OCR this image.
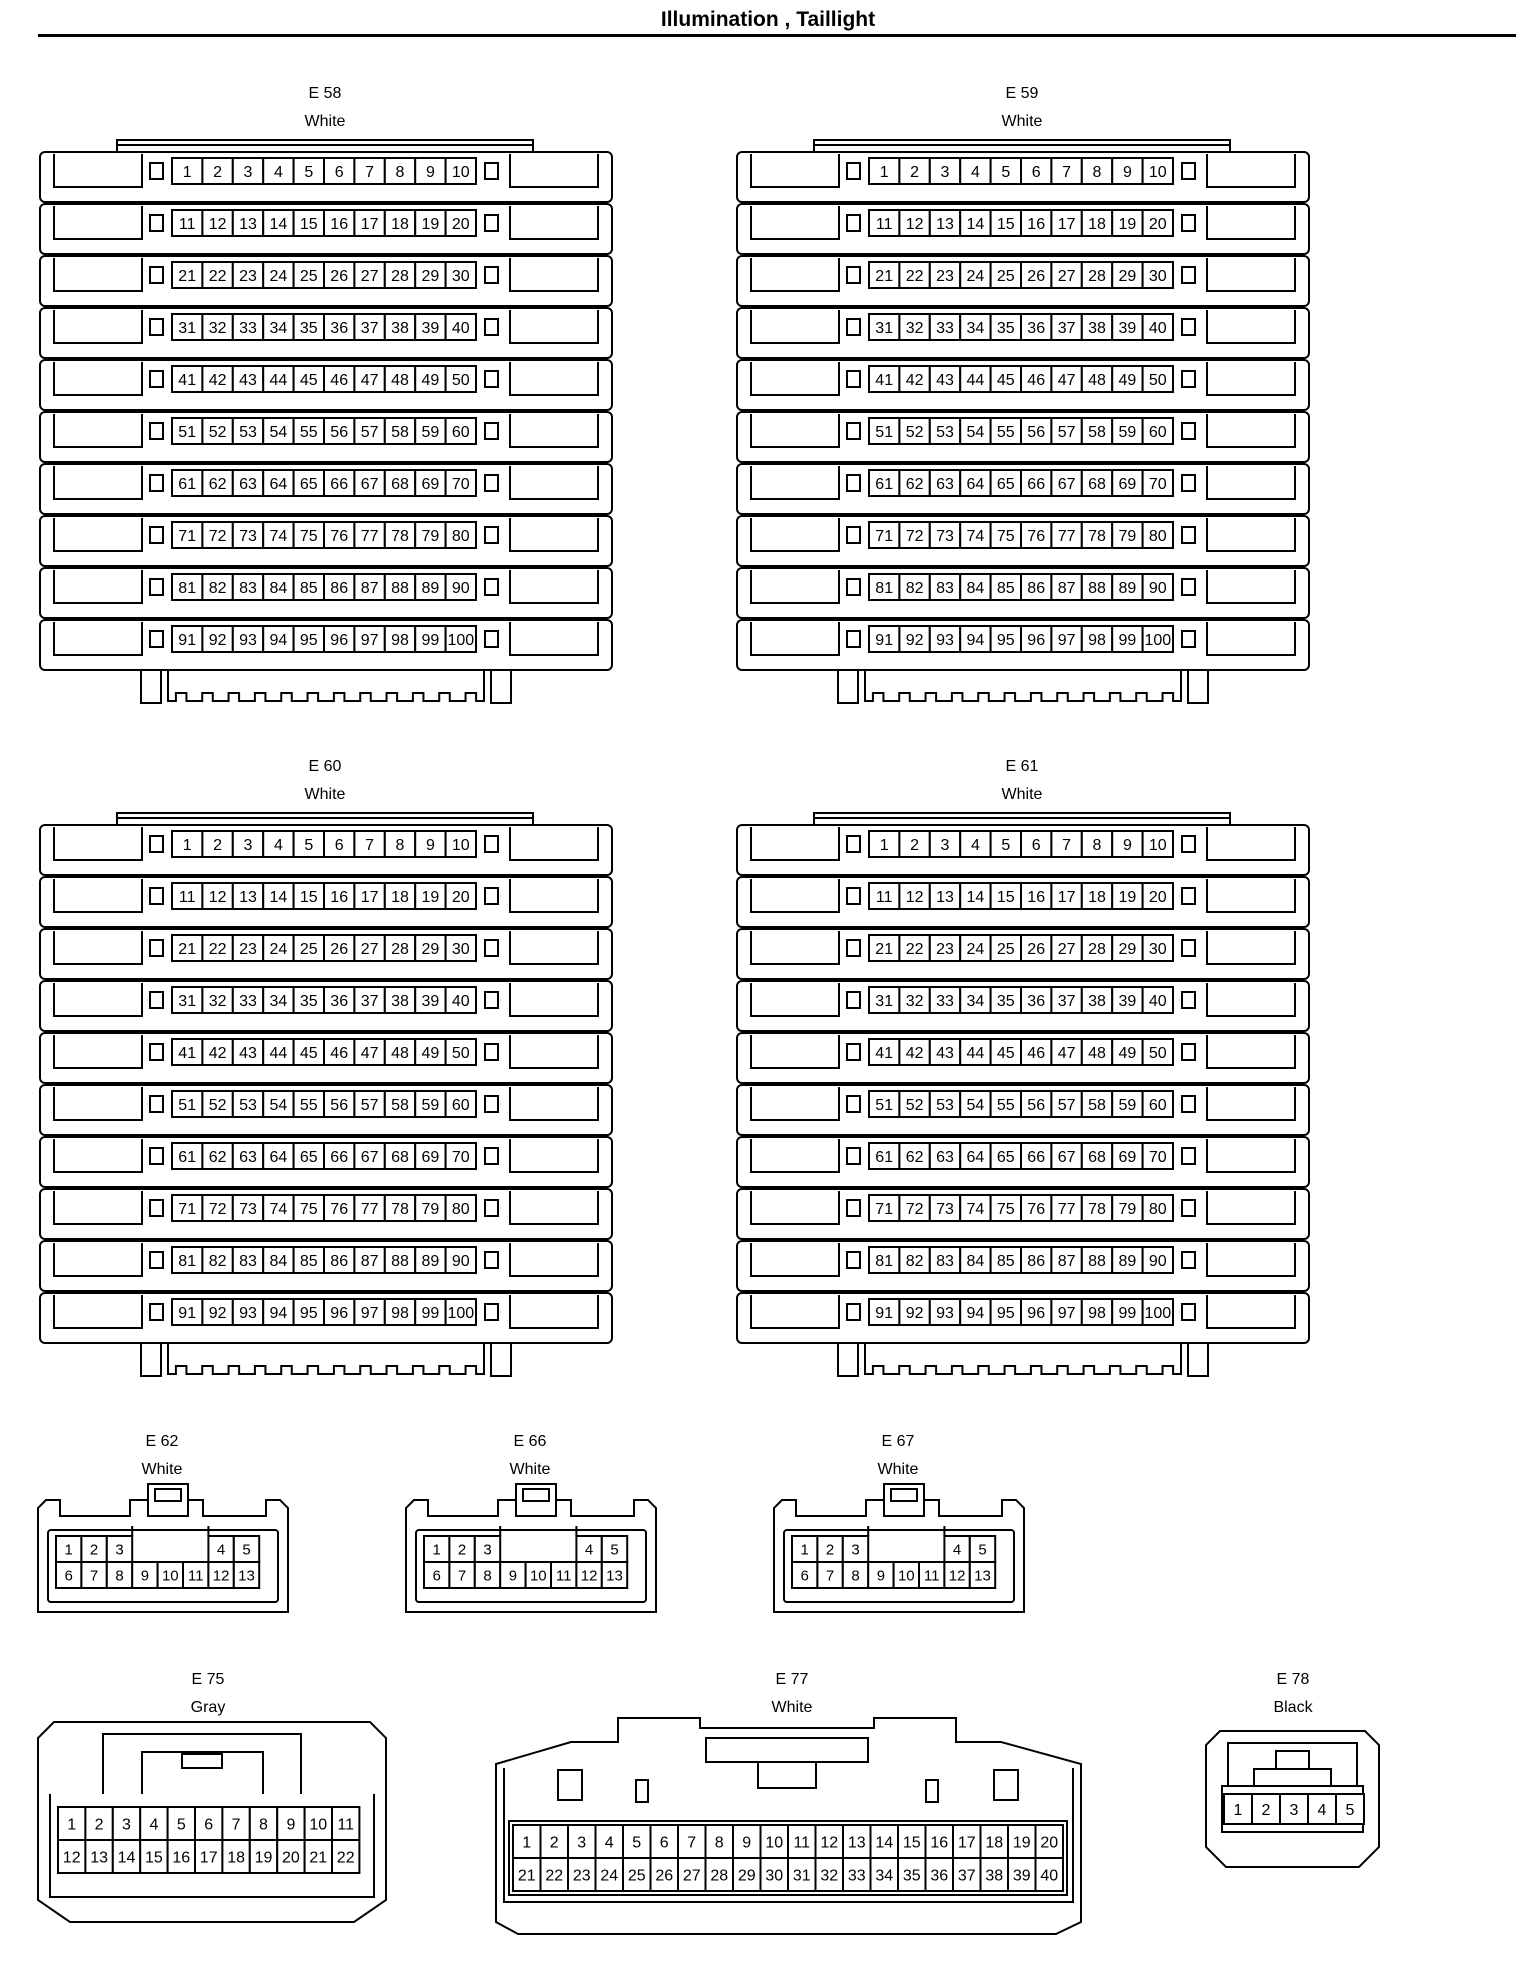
Illumination , Taillight
E 58
White
E 59
White
E 60
White
E 61
White
E 62
White
E 66
White
E 67
White
E 75
Gray
E 77
White
E 78
Black
1 2 3 4 5 6 7 8 9 10
11 12 13 14 15 16 17 18 19 20
21 22 23 24 25 26 27 28 29 30
31 32 33 34 35 36 37 38 39 40
41 42 43 44 45 46 47 48 49 50
51 52 53 54 55 56 57 58 59 60
61 62 63 64 65 66 67 68 69 70
71 72 73 74 75 76 77 78 79 80
81 82 83 84 85 86 87 88 89 90
91 92 93 94 95 96 97 98 99 100
1 2 3 4 5 6 7 8 9 10
11 12 13 14 15 16 17 18 19 20
21 22 23 24 25 26 27 28 29 30
31 32 33 34 35 36 37 38 39 40
41 42 43 44 45 46 47 48 49 50
51 52 53 54 55 56 57 58 59 60
61 62 63 64 65 66 67 68 69 70
71 72 73 74 75 76 77 78 79 80
81 82 83 84 85 86 87 88 89 90
91 92 93 94 95 96 97 98 99 100
1 2 3 4 5 6 7 8 9 10
11 12 13 14 15 16 17 18 19 20
21 22 23 24 25 26 27 28 29 30
31 32 33 34 35 36 37 38 39 40
41 42 43 44 45 46 47 48 49 50
51 52 53 54 55 56 57 58 59 60
61 62 63 64 65 66 67 68 69 70
71 72 73 74 75 76 77 78 79 80
81 82 83 84 85 86 87 88 89 90
91 92 93 94 95 96 97 98 99 100
1 2 3 4 5 6 7 8 9 10
11 12 13 14 15 16 17 18 19 20
21 22 23 24 25 26 27 28 29 30
31 32 33 34 35 36 37 38 39 40
41 42 43 44 45 46 47 48 49 50
51 52 53 54 55 56 57 58 59 60
61 62 63 64 65 66 67 68 69 70
71 72 73 74 75 76 77 78 79 80
81 82 83 84 85 86 87 88 89 90
91 92 93 94 95 96 97 98 99 100
1 2 3	4 5
6 7 8 9 10 11 12 13
1 2 3	4 5
6 7 8 9 10 11 12 13
1 2 3	4 5
6 7 8 9 10 11 12 13
1 2 3 4 5 6 7 8 9 10 11
12 13 14 15 16 17 18 19 20 21 22
1 2 3 4 5 6 7 8 9 10 11 12 13 14 15 16 17 18 19 20
21 22 23 24 25 26 27 28 29 30 31 32 33 34 35 36 37 38 39 40
1 2 3 4 5
